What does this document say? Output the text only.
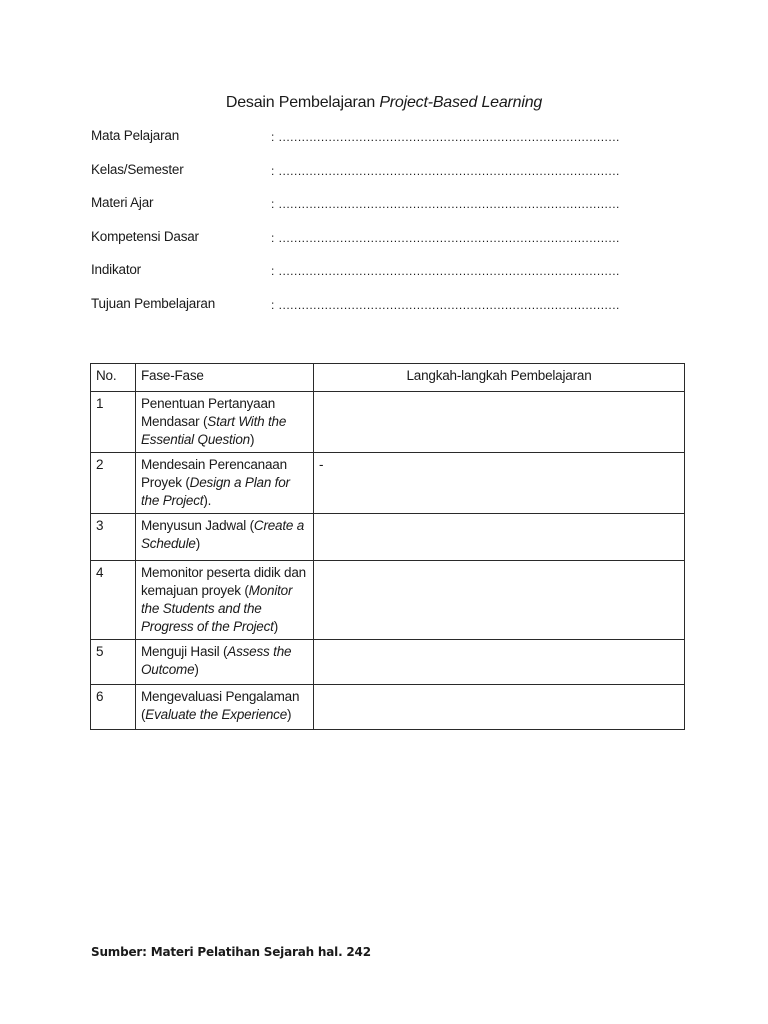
Desain Pembelajaran Project-Based Learning
Mata Pelajaran	: .........................................................................................
Kelas/Semester	: .........................................................................................
Materi Ajar	: .........................................................................................
Kompetensi Dasar	: .........................................................................................
Indikator	: .........................................................................................
Tujuan Pembelajaran	: .........................................................................................
No.	Fase-Fase	Langkah-langkah Pembelajaran
1	Penentuan Pertanyaan Mendasar (Start With the Essential Question)	
2	Mendesain Perencanaan Proyek (Design a Plan for the Project).	-
3	Menyusun Jadwal (Create a Schedule)	
4	Memonitor peserta didik dan kemajuan proyek (Monitor the Students and the Progress of the Project)	
5	Menguji Hasil (Assess the Outcome)	
6	Mengevaluasi Pengalaman (Evaluate the Experience)	
Sumber: Materi Pelatihan Sejarah hal. 242
